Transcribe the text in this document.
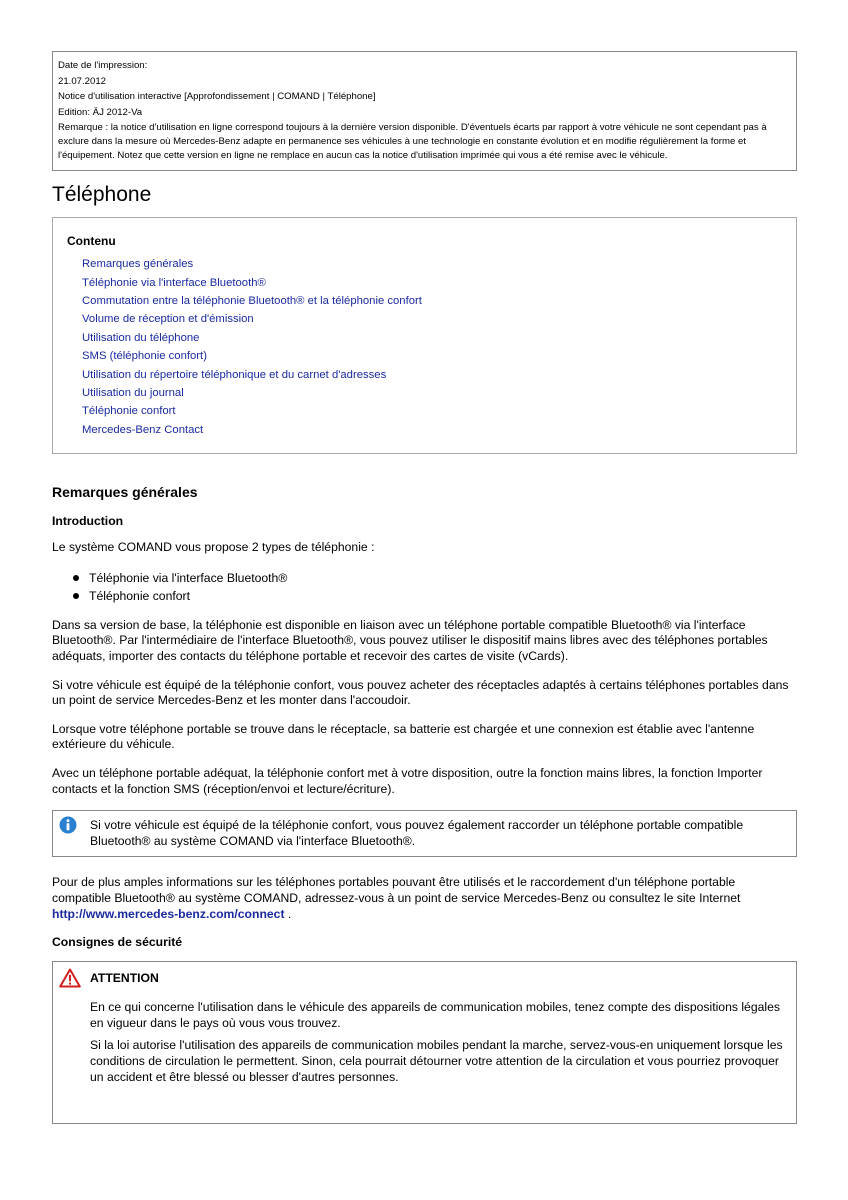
Date de l'impression:
21.07.2012
Notice d'utilisation interactive [Approfondissement | COMAND | Téléphone]
Edition: ÄJ 2012-Va
Remarque : la notice d'utilisation en ligne correspond toujours à la dernière version disponible. D'éventuels écarts par rapport à votre véhicule ne sont cependant pas à exclure dans la mesure où Mercedes-Benz adapte en permanence ses véhicules à une technologie en constante évolution et en modifie régulièrement la forme et l'équipement. Notez que cette version en ligne ne remplace en aucun cas la notice d'utilisation imprimée qui vous a été remise avec le véhicule.
Téléphone
Contenu
Remarques générales
Téléphonie via l'interface Bluetooth®
Commutation entre la téléphonie Bluetooth® et la téléphonie confort
Volume de réception et d'émission
Utilisation du téléphone
SMS (téléphonie confort)
Utilisation du répertoire téléphonique et du carnet d'adresses
Utilisation du journal
Téléphonie confort
Mercedes-Benz Contact
Remarques générales
Introduction

Le système COMAND vous propose 2 types de téléphonie :

Téléphonie via l'interface Bluetooth®
Téléphonie confort

Dans sa version de base, la téléphonie est disponible en liaison avec un téléphone portable compatible Bluetooth® via l'interface Bluetooth®. Par l'intermédiaire de l'interface Bluetooth®, vous pouvez utiliser le dispositif mains libres avec des téléphones portables adéquats, importer des contacts du téléphone portable et recevoir des cartes de visite (vCards).

Si votre véhicule est équipé de la téléphonie confort, vous pouvez acheter des réceptacles adaptés à certains téléphones portables dans un point de service Mercedes-Benz et les monter dans l'accoudoir.

Lorsque votre téléphone portable se trouve dans le réceptacle, sa batterie est chargée et une connexion est établie avec l'antenne extérieure du véhicule.

Avec un téléphone portable adéquat, la téléphonie confort met à votre disposition, outre la fonction mains libres, la fonction Importer contacts et la fonction SMS (réception/envoi et lecture/écriture).

Si votre véhicule est équipé de la téléphonie confort, vous pouvez également raccorder un téléphone portable compatible Bluetooth® au système COMAND via l'interface Bluetooth®.

Pour de plus amples informations sur les téléphones portables pouvant être utilisés et le raccordement d'un téléphone portable compatible Bluetooth® au système COMAND, adressez-vous à un point de service Mercedes-Benz ou consultez le site Internet
http://www.mercedes-benz.com/connect .

Consignes de sécurité
ATTENTION

En ce qui concerne l'utilisation dans le véhicule des appareils de communication mobiles, tenez compte des dispositions légales en vigueur dans le pays où vous vous trouvez.

Si la loi autorise l'utilisation des appareils de communication mobiles pendant la marche, servez-vous-en uniquement lorsque les conditions de circulation le permettent. Sinon, cela pourrait détourner votre attention de la circulation et vous pourriez provoquer un accident et être blessé ou blesser d'autres personnes.
